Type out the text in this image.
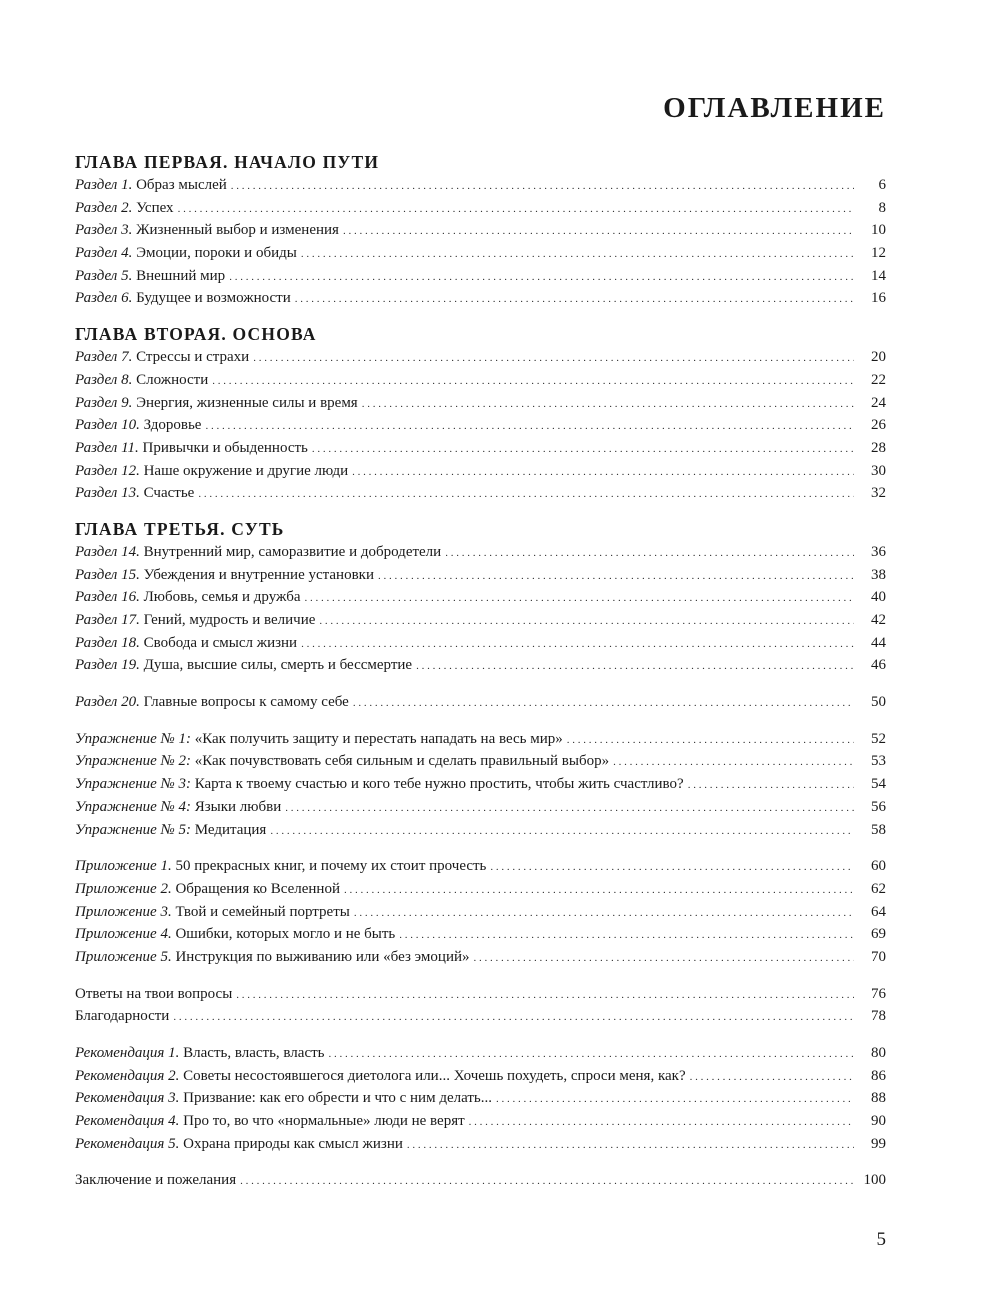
ОГЛАВЛЕНИЕ
ГЛАВА ПЕРВАЯ. НАЧАЛО ПУТИ
Раздел 1. Образ мыслей . . .	6
Раздел 2. Успех . . .	8
Раздел 3. Жизненный выбор и изменения . . .	10
Раздел 4. Эмоции, пороки и обиды . . .	12
Раздел 5. Внешний мир . . .	14
Раздел 6. Будущее и возможности . . .	16
ГЛАВА ВТОРАЯ. ОСНОВА
Раздел 7. Стрессы и страхи . . .	20
Раздел 8. Сложности . . .	22
Раздел 9. Энергия, жизненные силы и время . . .	24
Раздел 10. Здоровье . . .	26
Раздел 11. Привычки и обыденность . . .	28
Раздел 12. Наше окружение и другие люди . . .	30
Раздел 13. Счастье . . .	32
ГЛАВА ТРЕТЬЯ. СУТЬ
Раздел 14. Внутренний мир, саморазвитие и добродетели . . .	36
Раздел 15. Убеждения и внутренние установки . . .	38
Раздел 16. Любовь, семья и дружба . . .	40
Раздел 17. Гений, мудрость и величие . . .	42
Раздел 18. Свобода и смысл жизни . . .	44
Раздел 19. Душа, высшие силы, смерть и бессмертие . . .	46
Раздел 20. Главные вопросы к самому себе . . .	50
Упражнение № 1: «Как получить защиту и перестать нападать на весь мир» . . .	52
Упражнение № 2: «Как почувствовать себя сильным и сделать правильный выбор» . . .	53
Упражнение № 3: Карта к твоему счастью и кого тебе нужно простить, чтобы жить счастливо? . . .	54
Упражнение № 4: Языки любви . . .	56
Упражнение № 5: Медитация . . .	58
Приложение 1. 50 прекрасных книг, и почему их стоит прочесть . . .	60
Приложение 2. Обращения ко Вселенной . . .	62
Приложение 3. Твой и семейный портреты . . .	64
Приложение 4. Ошибки, которых могло и не быть . . .	69
Приложение 5. Инструкция по выживанию или «без эмоций» . . .	70
Ответы на твои вопросы . . .	76
Благодарности . . .	78
Рекомендация 1. Власть, власть, власть . . .	80
Рекомендация 2. Советы несостоявшегося диетолога или... Хочешь похудеть, спроси меня, как? . . .	86
Рекомендация 3. Призвание: как его обрести и что с ним делать... . . .	88
Рекомендация 4. Про то, во что «нормальные» люди не верят . . .	90
Рекомендация 5. Охрана природы как смысл жизни . . .	99
Заключение и пожелания . . .	100
5
